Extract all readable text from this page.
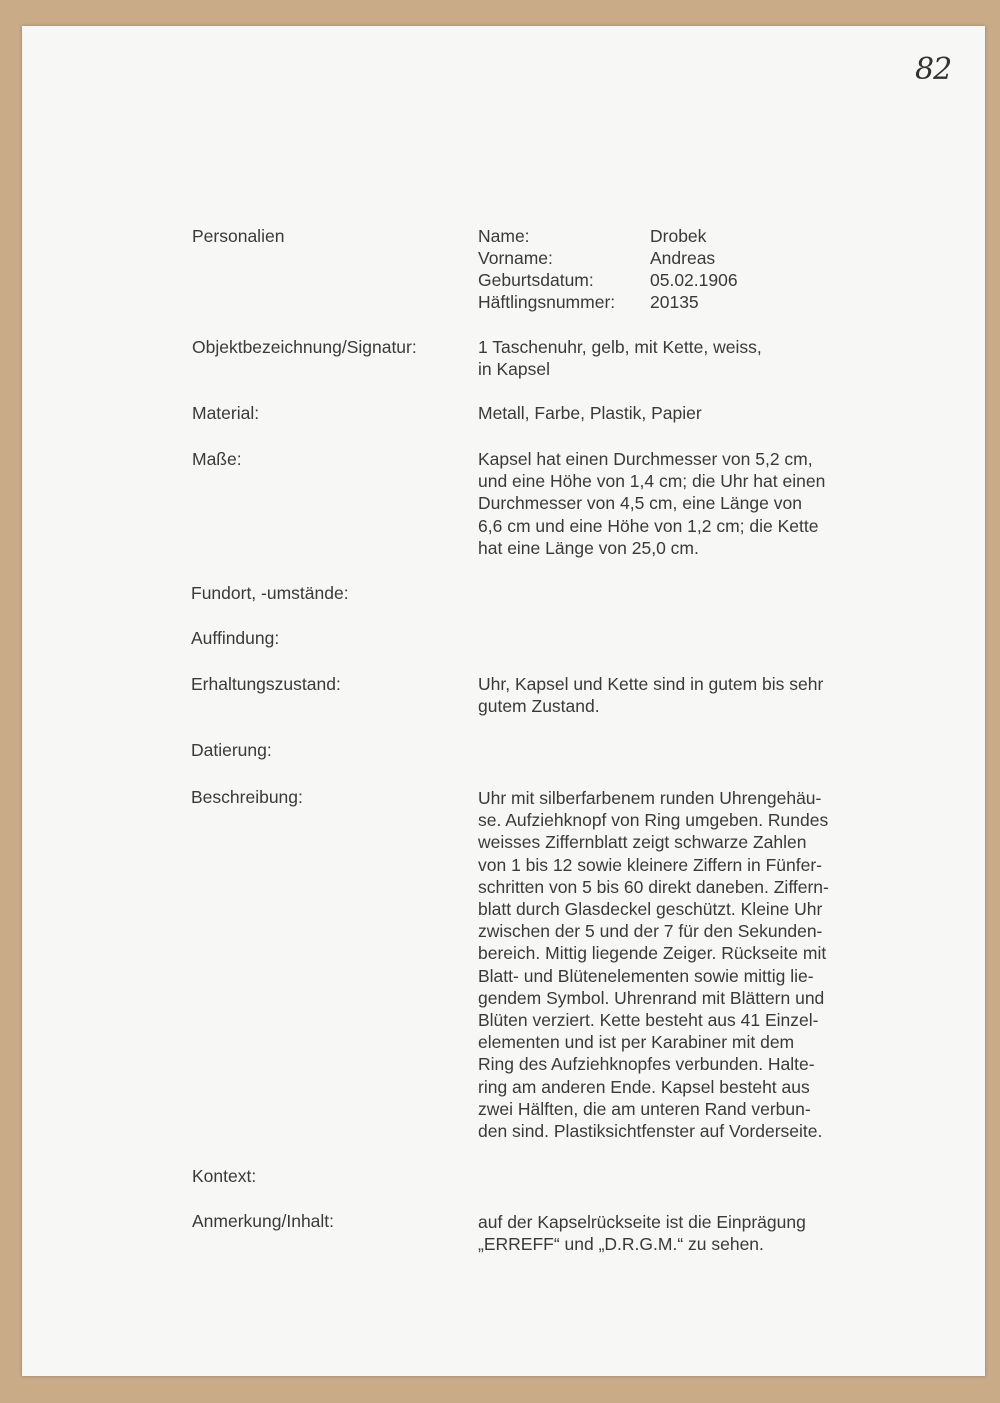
82
Personalien	Name:	Drobek
Vorname:	Andreas
Geburtsdatum:	05.02.1906
Häftlingsnummer: 20135
Objektbezeichnung/Signatur:	1 Taschenuhr, gelb, mit Kette, weiss,
in Kapsel
Material:	Metall, Farbe, Plastik, Papier
Maße:	Kapsel hat einen Durchmesser von 5,2 cm,
und eine Höhe von 1,4 cm; die Uhr hat einen
Durchmesser von 4,5 cm, eine Länge von
6,6 cm und eine Höhe von 1,2 cm; die Kette
hat eine Länge von 25,0 cm.
Fundort, -umstände:
Auffindung:
Erhaltungszustand:	Uhr, Kapsel und Kette sind in gutem bis sehr
gutem Zustand.
Datierung:
Beschreibung:	Uhr mit silberfarbenem runden Uhrengehäu-
se. Aufziehknopf von Ring umgeben. Rundes
weisses Ziffernblatt zeigt schwarze Zahlen
von 1 bis 12 sowie kleinere Ziffern in Fünfer-
schritten von 5 bis 60 direkt daneben. Ziffern-
blatt durch Glasdeckel geschützt. Kleine Uhr
zwischen der 5 und der 7 für den Sekunden-
bereich. Mittig liegende Zeiger. Rückseite mit
Blatt- und Blütenelementen sowie mittig lie-
gendem Symbol. Uhrenrand mit Blättern und
Blüten verziert. Kette besteht aus 41 Einzel-
elementen und ist per Karabiner mit dem
Ring des Aufziehknopfes verbunden. Halte-
ring am anderen Ende. Kapsel besteht aus
zwei Hälften, die am unteren Rand verbun-
den sind. Plastiksichtfenster auf Vorderseite.
Kontext:
Anmerkung/Inhalt:	auf der Kapselrückseite ist die Einprägung
„ERREFF“ und „D.R.G.M.“ zu sehen.
